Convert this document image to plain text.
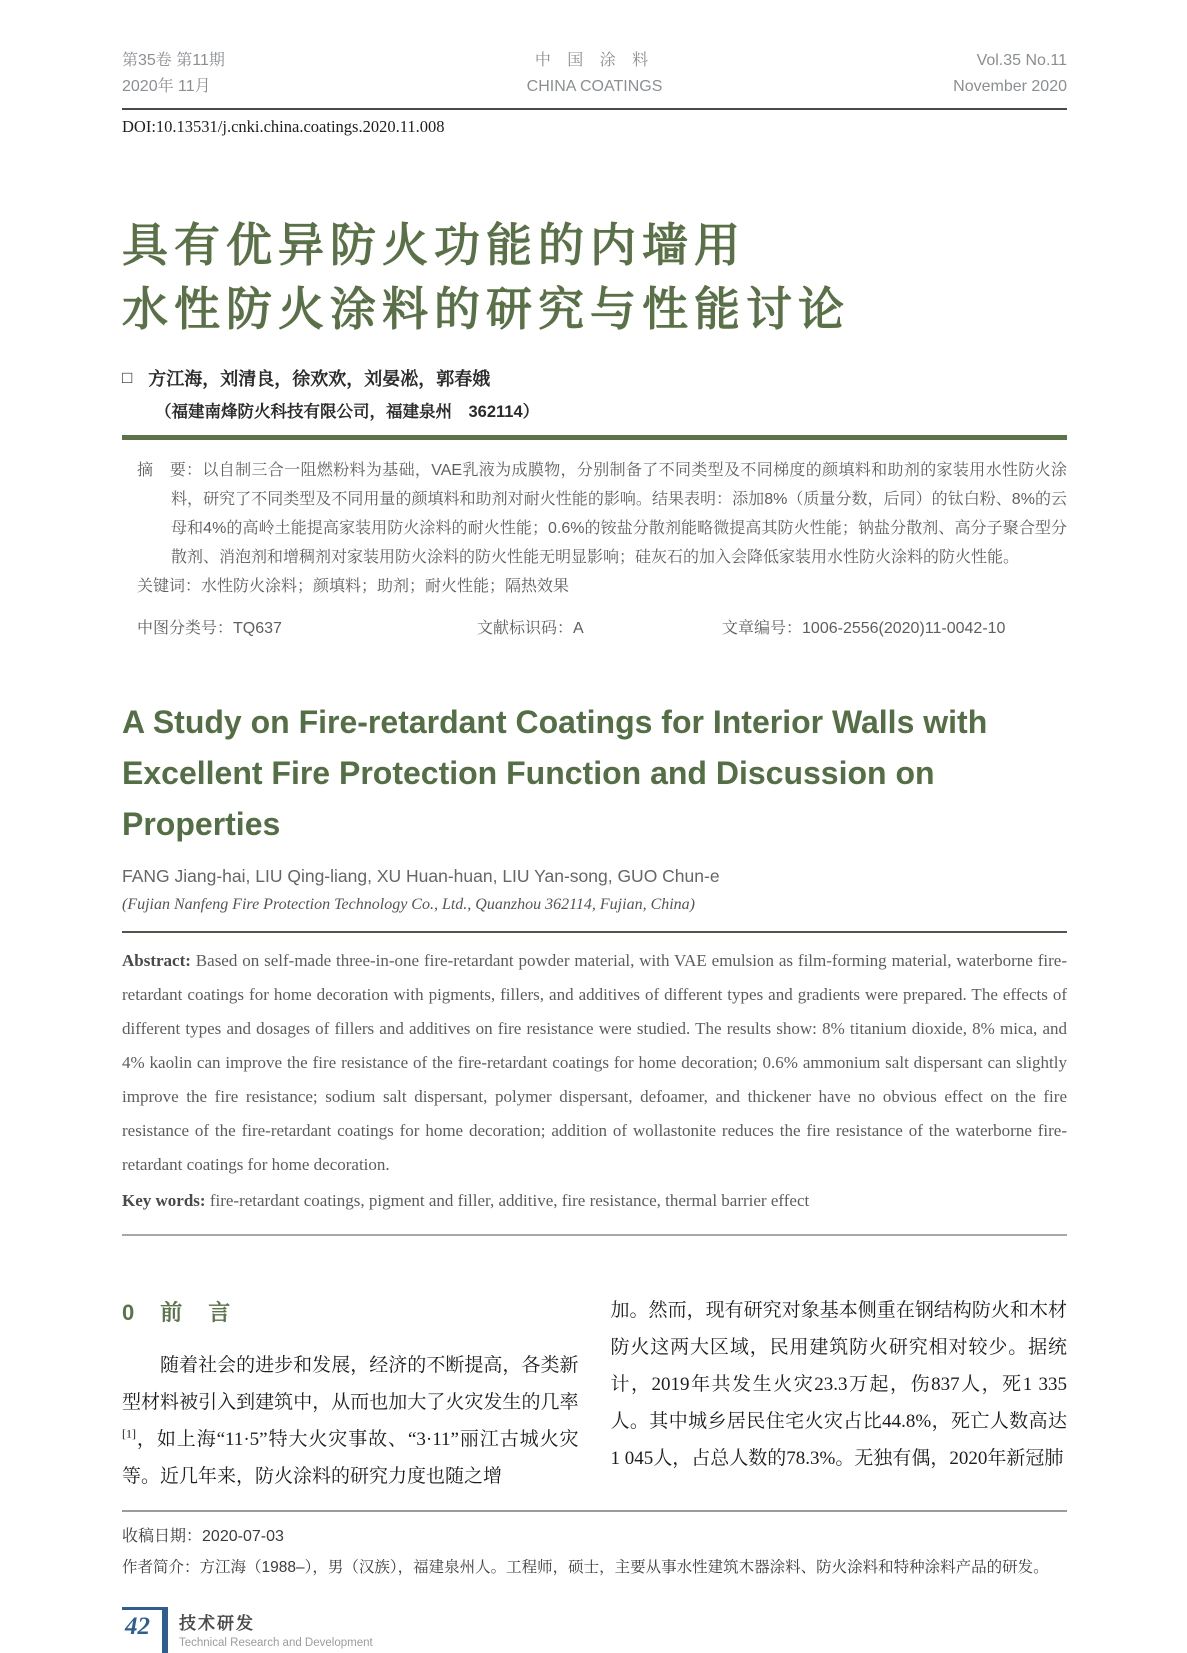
第35卷 第11期
2020年 11月
中 国 涂 料
CHINA COATINGS
Vol.35 No.11
November 2020
DOI:10.13531/j.cnki.china.coatings.2020.11.008
具有优异防火功能的内墙用
水性防火涂料的研究与性能讨论
□ 方江海，刘清良，徐欢欢，刘晏凇，郭春娥
（福建南烽防火科技有限公司，福建泉州　362114）

摘　要：以自制三合一阻燃粉料为基础，VAE乳液为成膜物，分别制备了不同类型及不同梯度的颜填料和助剂的家装用水性防火涂料，研究了不同类型及不同用量的颜填料和助剂对耐火性能的影响。结果表明：添加8%（质量分数，后同）的钛白粉、8%的云母和4%的高岭土能提高家装用防火涂料的耐火性能；0.6%的铵盐分散剂能略微提高其防火性能；钠盐分散剂、高分子聚合型分散剂、消泡剂和增稠剂对家装用防火涂料的防火性能无明显影响；硅灰石的加入会降低家装用水性防火涂料的防火性能。

关键词：水性防火涂料；颜填料；助剂；耐火性能；隔热效果

中图分类号：TQ637	文献标识码：A	文章编号：1006-2556(2020)11-0042-10
A Study on Fire-retardant Coatings for Interior Walls with Excellent Fire Protection Function and Discussion on Properties
FANG Jiang-hai, LIU Qing-liang, XU Huan-huan, LIU Yan-song, GUO Chun-e
(Fujian Nanfeng Fire Protection Technology Co., Ltd., Quanzhou 362114, Fujian, China)

Abstract: Based on self-made three-in-one fire-retardant powder material, with VAE emulsion as film-forming material, waterborne fire-retardant coatings for home decoration with pigments, fillers, and additives of different types and gradients were prepared. The effects of different types and dosages of fillers and additives on fire resistance were studied. The results show: 8% titanium dioxide, 8% mica, and 4% kaolin can improve the fire resistance of the fire-retardant coatings for home decoration; 0.6% ammonium salt dispersant can slightly improve the fire resistance; sodium salt dispersant, polymer dispersant, defoamer, and thickener have no obvious effect on the fire resistance of the fire-retardant coatings for home decoration; addition of wollastonite reduces the fire resistance of the waterborne fire-retardant coatings for home decoration.

Key words: fire-retardant coatings, pigment and filler, additive, fire resistance, thermal barrier effect

0 前　言

随着社会的进步和发展，经济的不断提高，各类新型材料被引入到建筑中，从而也加大了火灾发生的几率[1]，如上海“11·5”特大火灾事故、“3·11”丽江古城火灾等。近几年来，防火涂料的研究力度也随之增

加。然而，现有研究对象基本侧重在钢结构防火和木材防火这两大区域，民用建筑防火研究相对较少。据统计，2019年共发生火灾23.3万起，伤837人，死1 335人。其中城乡居民住宅火灾占比44.8%，死亡人数高达1 045人，占总人数的78.3%。无独有偶，2020年新冠肺

收稿日期：2020-07-03
作者简介：方江海（1988–），男（汉族），福建泉州人。工程师，硕士，主要从事水性建筑木器涂料、防火涂料和特种涂料产品的研发。
42	技术研发
Technical Research and Development
